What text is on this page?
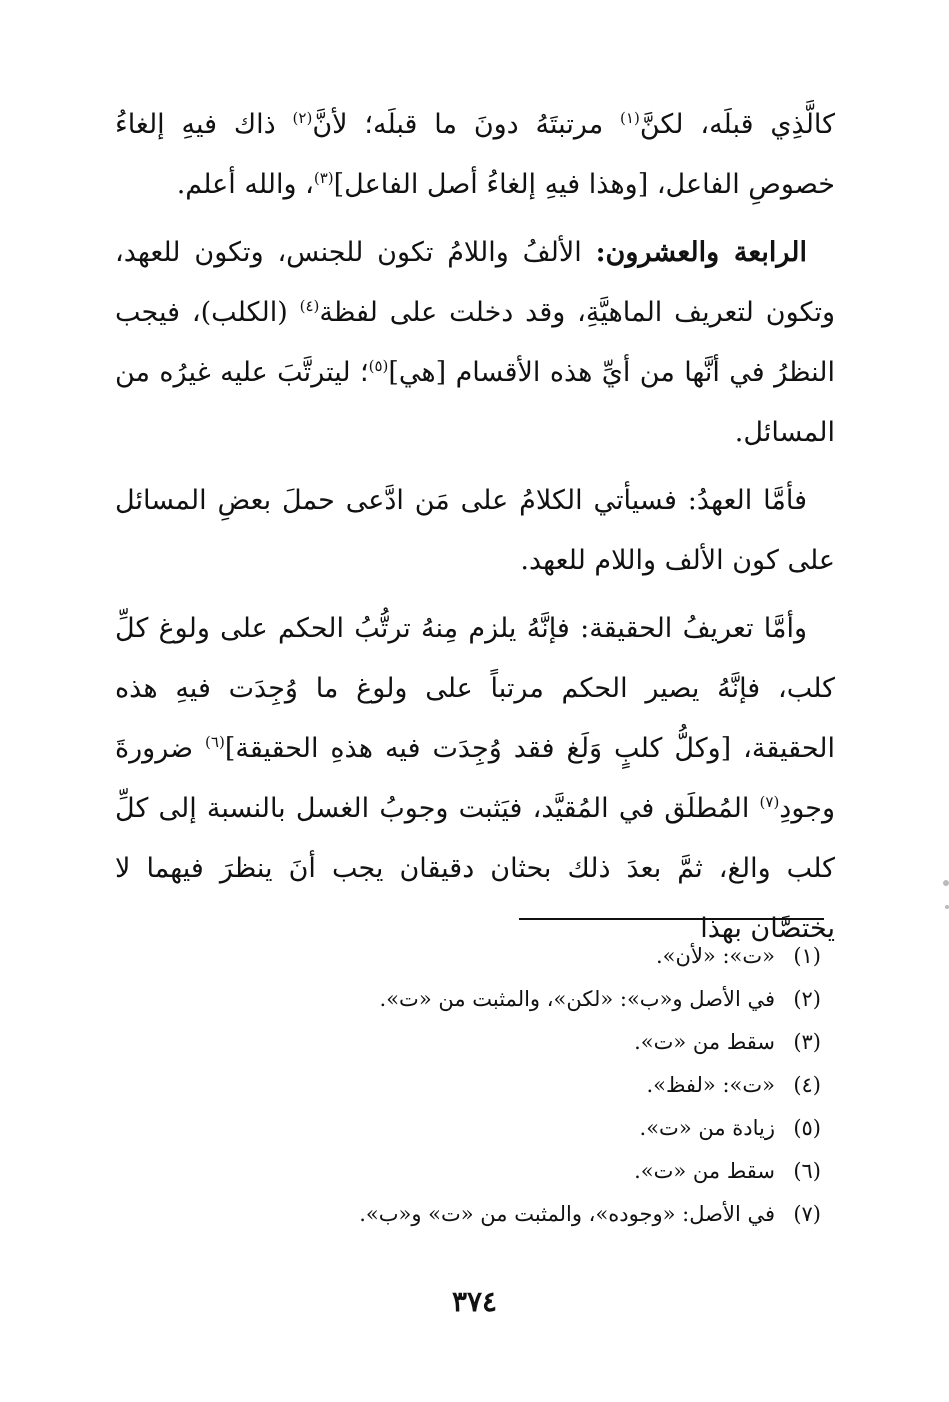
كالَّذِي قبلَه، لكنَّ$^{(١)}$ مرتبتَهُ دونَ ما قبلَه؛ لأنَّ$^{(٢)}$ ذاك فيهِ إلغاءُ خصوصِ الفاعل، [وهذا فيهِ إلغاءُ أصل الفاعل]$^{(٣)}$، والله أعلم.

الرابعة والعشرون: الألفُ واللامُ تكون للجنس، وتكون للعهد، وتكون لتعريف الماهيَّةِ، وقد دخلت على لفظة$^{(٤)}$ (الكلب)، فيجب النظرُ في أنَّها من أيِّ هذه الأقسام [هي]$^{(٥)}$؛ ليترتَّبَ عليه غيرُه من المسائل.

فأمَّا العهدُ: فسيأتي الكلامُ على مَن ادَّعى حملَ بعضِ المسائل على كون الألف واللام للعهد.

وأمَّا تعريفُ الحقيقة: فإنَّهُ يلزم مِنهُ ترتُّبُ الحكم على ولوغ كلِّ كلب، فإنَّهُ يصير الحكم مرتباً على ولوغ ما وُجِدَت فيهِ هذه الحقيقة، [وكلُّ كلبٍ وَلَغ فقد وُجِدَت فيه هذهِ الحقيقة]$^{(٦)}$ ضرورةَ وجودِ$^{(٧)}$ المُطلَق في المُقيَّد، فيَثبت وجوبُ الغسل بالنسبة إلى كلِّ كلب والغ، ثمَّ بعدَ ذلك بحثان دقيقان يجب أنَ ينظرَ فيهما لا يختصَّان بهذا

(١)«ت»: «لأن».
(٢)في الأصل و«ب»: «لكن»، والمثبت من «ت».
(٣)سقط من «ت».
(٤)«ت»: «لفظ».
(٥)زيادة من «ت».
(٦)سقط من «ت».
(٧)في الأصل: «وجوده»، والمثبت من «ت» و«ب».
٣٧٤
